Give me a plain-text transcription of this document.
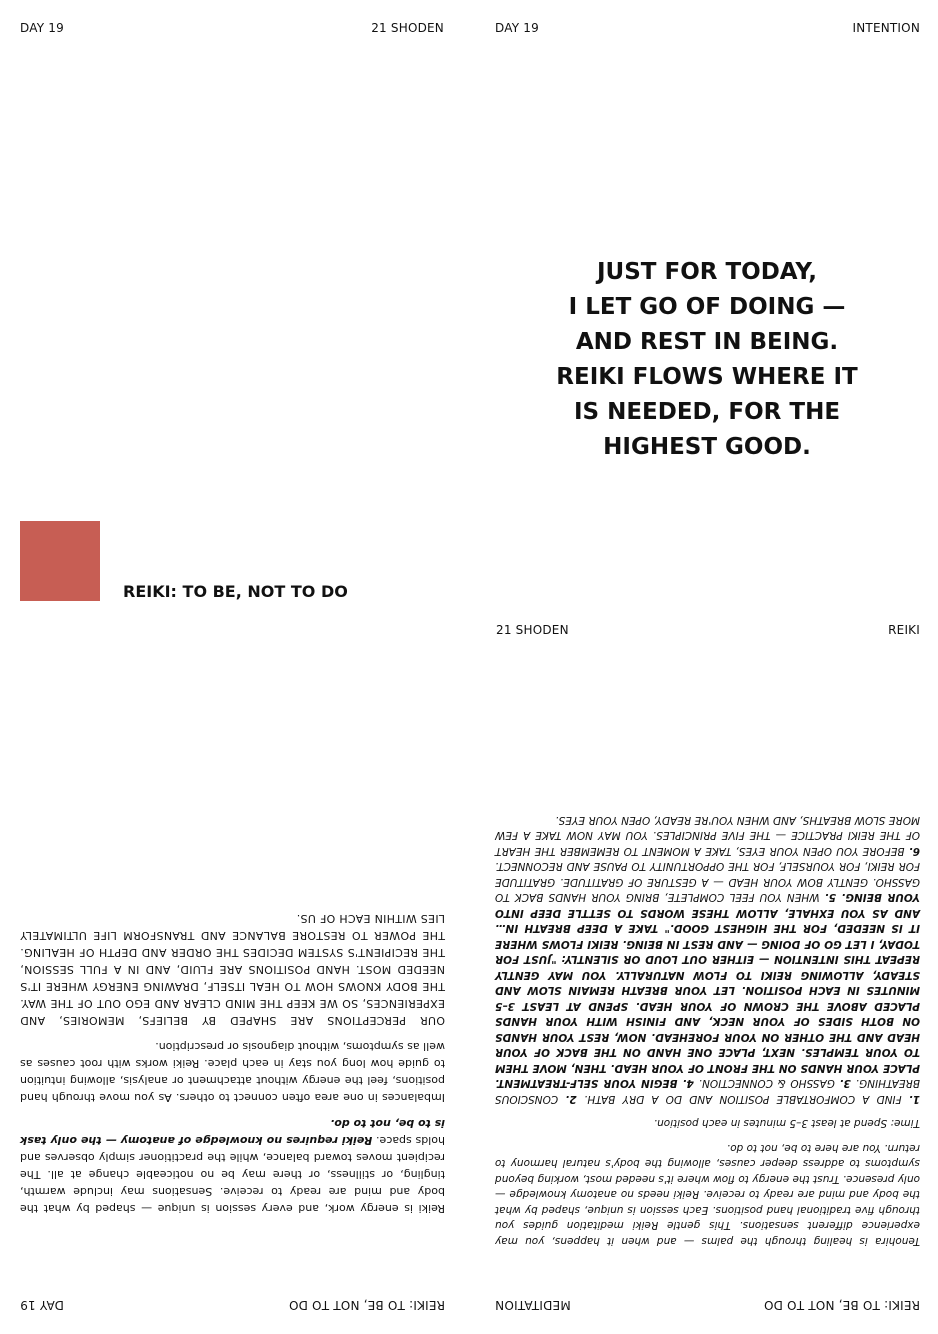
DAY 19	21 SHODEN	DAY 19	INTENTION
JUST FOR TODAY,
I LET GO OF DOING —
AND REST IN BEING.
REIKI FLOWS WHERE IT
IS NEEDED, FOR THE
HIGHEST GOOD.
REIKI: TO BE, NOT TO DO
21 SHODEN	REIKI

Reiki is energy work, and every session is unique — shaped by what the body and mind are ready to receive. Sensations may include warmth, tingling, or stillness, or there may be no noticeable change at all. The recipient moves toward balance, while the practitioner simply observes and holds space. Reiki requires no knowledge of anatomy — the only task is to be, not to do.

Imbalances in one area often connect to others. As you move through hand positions, feel the energy without attachment or analysis, allowing intuition to guide how long you stay in each place. Reiki works with root causes as well as symptoms, without diagnosis or prescription.

OUR PERCEPTIONS ARE SHAPED BY BELIEFS, MEMORIES, AND EXPERIENCES, SO WE KEEP THE MIND CLEAR AND EGO OUT OF THE WAY. THE BODY KNOWS HOW TO HEAL ITSELF, DRAWING ENERGY WHERE IT'S NEEDED MOST. HAND POSITIONS ARE FLUID, AND IN A FULL SESSION, THE RECIPIENT'S SYSTEM DECIDES THE ORDER AND DEPTH OF HEALING. THE POWER TO RESTORE BALANCE AND TRANSFORM LIFE ULTIMATELY LIES WITHIN EACH OF US.

Tenohira is healing through the palms — and when it happens, you may experience different sensations. This gentle Reiki meditation guides you through five traditional hand positions. Each session is unique, shaped by what the body and mind are ready to receive. Reiki needs no anatomy knowledge — only presence. Trust the energy to flow where it's needed most, working beyond symptoms to address deeper causes, allowing the body's natural harmony to return. You are here to be, not to do.

Time: Spend at least 3–5 minutes in each position.

1. FIND A COMFORTABLE POSITION AND DO A DRY BATH. 2. CONSCIOUS BREATHING. 3. GASSHO & CONNECTION. 4. BEGIN YOUR SELF-TREATMENT. PLACE YOUR HANDS ON THE FRONT OF YOUR HEAD. THEN, MOVE THEM TO YOUR TEMPLES. NEXT, PLACE ONE HAND ON THE BACK OF YOUR HEAD AND THE OTHER ON YOUR FOREHEAD. NOW, REST YOUR HANDS ON BOTH SIDES OF YOUR NECK, AND FINISH WITH YOUR HANDS PLACED ABOVE THE CROWN OF YOUR HEAD. SPEND AT LEAST 3–5 MINUTES IN EACH POSITION. LET YOUR BREATH REMAIN SLOW AND STEADY, ALLOWING REIKI TO FLOW NATURALLY. YOU MAY GENTLY REPEAT THIS INTENTION — EITHER OUT LOUD OR SILENTLY: "JUST FOR TODAY, I LET GO OF DOING — AND REST IN BEING. REIKI FLOWS WHERE IT IS NEEDED, FOR THE HIGHEST GOOD." TAKE A DEEP BREATH IN… AND AS YOU EXHALE, ALLOW THESE WORDS TO SETTLE DEEP INTO YOUR BEING. 5. WHEN YOU FEEL COMPLETE, BRING YOUR HANDS BACK TO GASSHO. GENTLY BOW YOUR HEAD — A GESTURE OF GRATITUDE. GRATITUDE FOR REIKI, FOR YOURSELF, FOR THE OPPORTUNITY TO PAUSE AND RECONNECT. 6. BEFORE YOU OPEN YOUR EYES, TAKE A MOMENT TO REMEMBER THE HEART OF THE REIKI PRACTICE — THE FIVE PRINCIPLES. YOU MAY NOW TAKE A FEW MORE SLOW BREATHS, AND WHEN YOU'RE READY, OPEN YOUR EYES.

REIKI: TO BE, NOT TO DO
DAY 19	REIKI: TO BE, NOT TO DO
MEDITATION
